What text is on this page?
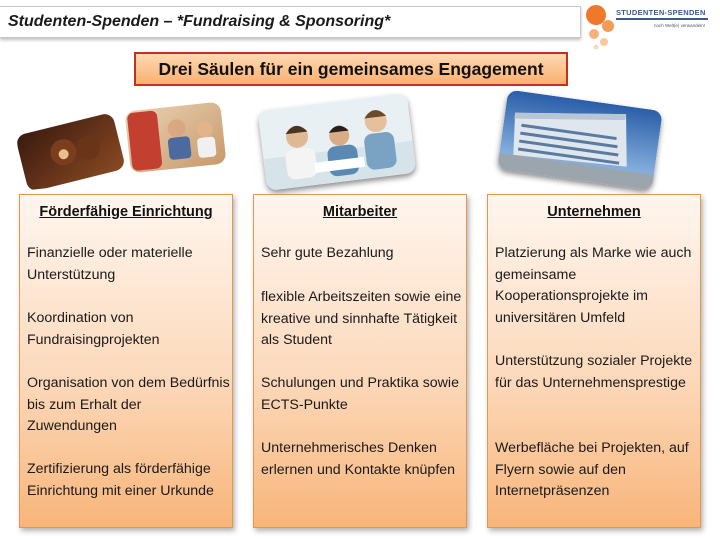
Studenten-Spenden – *Fundraising & Sponsoring*
STUDENTEN-SPENDEN
noch Welt(e) verwandeln!
Drei Säulen für ein gemeinsames Engagement
Förderfähige Einrichtung
Finanzielle oder materielle Unterstützung
Koordination von Fundraisingprojekten
Organisation von dem Bedürfnis bis zum Erhalt der Zuwendungen
Zertifizierung als förderfähige Einrichtung mit einer Urkunde
Mitarbeiter
Sehr gute Bezahlung
flexible Arbeitszeiten sowie eine kreative und sinnhafte Tätigkeit als Student
Schulungen und Praktika sowie ECTS-Punkte
Unternehmerisches Denken erlernen und Kontakte knüpfen
Unternehmen
Platzierung als Marke wie auch gemeinsame Kooperationsprojekte im universitären Umfeld
Unterstützung sozialer Projekte für das Unternehmensprestige
Werbefläche bei Projekten, auf Flyern sowie auf den Internetpräsenzen
